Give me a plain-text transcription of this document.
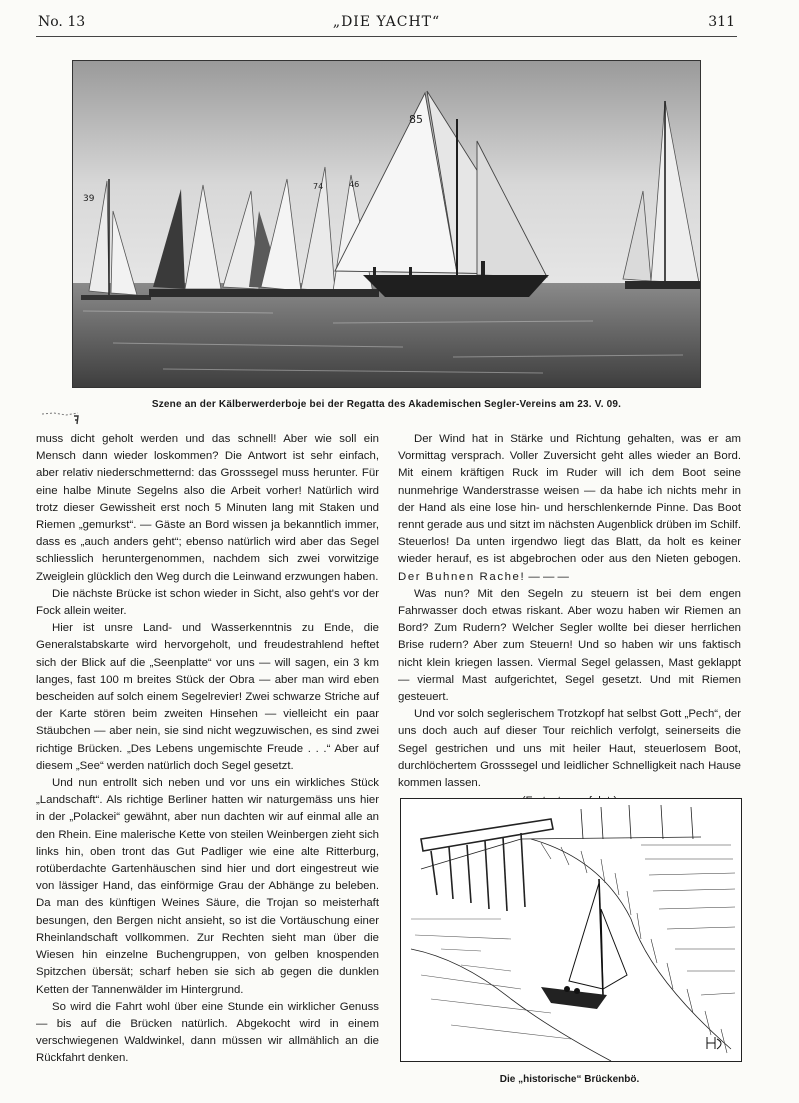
No. 13	„DIE YACHT“	311
85
39
74	46
Szene an der Kälberwerderboje bei der Regatta des Akademischen Segler-Vereins am 23. V. 09.

muss dicht geholt werden und das schnell! Aber wie soll ein Mensch dann wieder loskommen? Die Antwort ist sehr einfach, aber relativ niederschmetternd: das Grosssegel muss herunter. Für eine halbe Minute Segelns also die Arbeit vorher! Natürlich wird trotz dieser Gewissheit erst noch 5 Minuten lang mit Staken und Riemen „gemurkst“. — Gäste an Bord wissen ja bekanntlich immer, dass es „auch anders geht“; ebenso natürlich wird aber das Segel schliesslich heruntergenommen, nachdem sich zwei vorwitzige Zweiglein glücklich den Weg durch die Leinwand erzwungen haben.

Die nächste Brücke ist schon wieder in Sicht, also geht's vor der Fock allein weiter.

Hier ist unsre Land- und Wasserkenntnis zu Ende, die Generalstabskarte wird hervorgeholt, und freudestrahlend heftet sich der Blick auf die „Seenplatte“ vor uns — will sagen, ein 3 km langes, fast 100 m breites Stück der Obra — aber man wird eben bescheiden auf solch einem Segelrevier! Zwei schwarze Striche auf der Karte stören beim zweiten Hinsehen — vielleicht ein paar Stäubchen — aber nein, sie sind nicht wegzuwischen, es sind zwei richtige Brücken. „Des Lebens ungemischte Freude . . .“ Aber auf diesem „See“ werden natürlich doch Segel gesetzt.

Und nun entrollt sich neben und vor uns ein wirkliches Stück „Landschaft“. Als richtige Berliner hatten wir naturgemäss uns hier in der „Polackei“ gewähnt, aber nun dachten wir auf einmal alle an den Rhein. Eine malerische Kette von steilen Weinbergen zieht sich links hin, oben tront das Gut Padliger wie eine alte Ritterburg, rotüberdachte Gartenhäuschen sind hier und dort eingestreut wie von lässiger Hand, das einförmige Grau der Abhänge zu beleben. Da man des künftigen Weines Säure, die Trojan so meisterhaft besungen, den Bergen nicht ansieht, so ist die Vortäuschung einer Rheinlandschaft vollkommen. Zur Rechten sieht man über die Wiesen hin einzelne Buchengruppen, von gelben knospenden Spitzchen übersät; scharf heben sie sich ab gegen die dunklen Ketten der Tannenwälder im Hintergrund.

So wird die Fahrt wohl über eine Stunde ein wirklicher Genuss — bis auf die Brücken natürlich. Abgekocht wird in einem verschwiegenen Waldwinkel, dann müssen wir allmählich an die Rückfahrt denken.

Der Wind hat in Stärke und Richtung gehalten, was er am Vormittag versprach. Voller Zuversicht geht alles wieder an Bord. Mit einem kräftigen Ruck im Ruder will ich dem Boot seine nunmehrige Wanderstrasse weisen — da habe ich nichts mehr in der Hand als eine lose hin- und herschlenkernde Pinne. Das Boot rennt gerade aus und sitzt im nächsten Augenblick drüben im Schilf. Steuerlos! Da unten irgendwo liegt das Blatt, da holt es keiner wieder herauf, es ist abgebrochen oder aus den Nieten gebogen. Der Buhnen Rache! — — —

Was nun? Mit den Segeln zu steuern ist bei dem engen Fahrwasser doch etwas riskant. Aber wozu haben wir Riemen an Bord? Zum Rudern? Welcher Segler wollte bei dieser herrlichen Brise rudern? Aber zum Steuern! Und so haben wir uns faktisch nicht klein kriegen lassen. Viermal Segel gelassen, Mast geklappt — viermal Mast aufgerichtet, Segel gesetzt. Und mit Riemen gesteuert.

Und vor solch seglerischem Trotzkopf hat selbst Gott „Pech“, der uns doch auch auf dieser Tour reichlich verfolgt, seinerseits die Segel gestrichen und uns mit heiler Haut, steuerlosem Boot, durchlöchertem Grosssegel und leidlicher Schnelligkeit nach Hause kommen lassen.

Die „historische“ Brückenbö.
